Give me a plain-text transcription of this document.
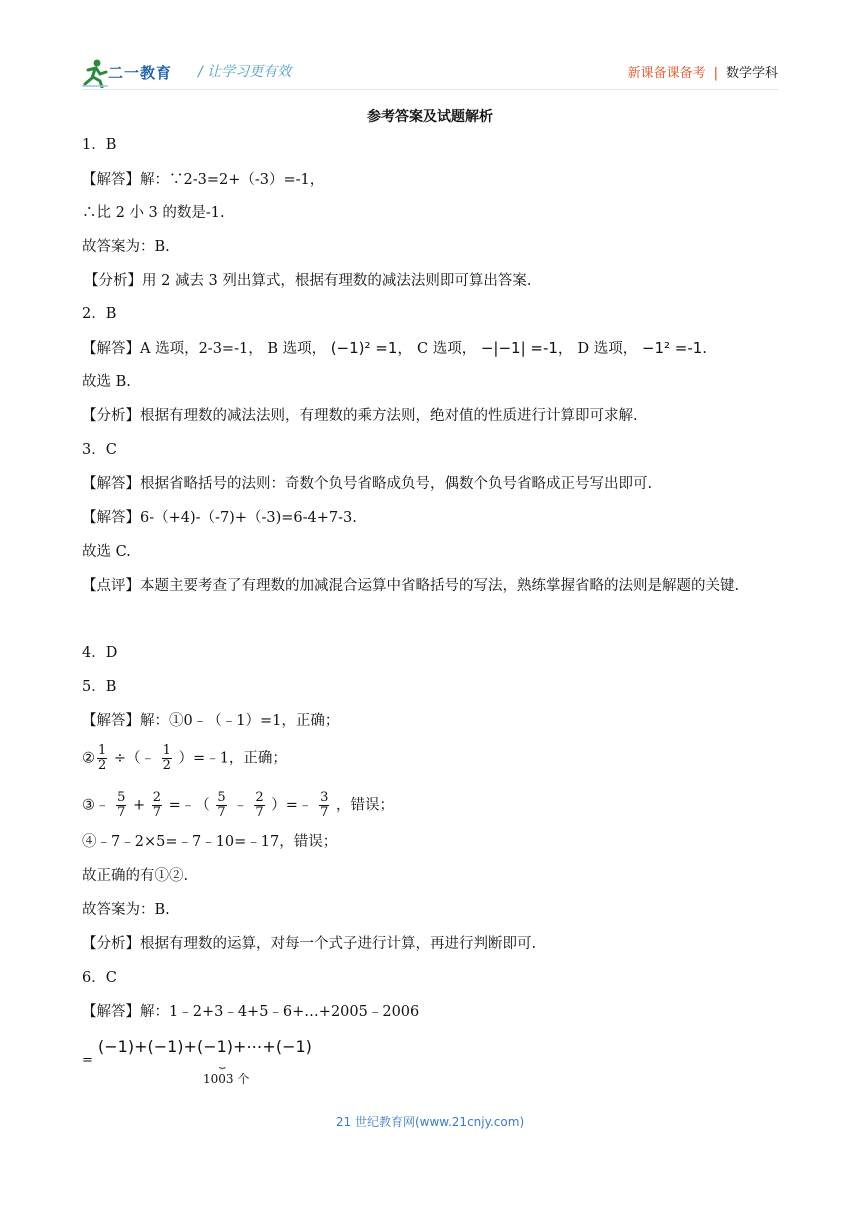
二一教育 / 让学习更有效	新课备课备考 | 数学学科
参考答案及试题解析
1．B
【解答】解：∵2-3=2+（-3）=-1，
∴比 2 小 3 的数是-1.
故答案为：B.
【分析】用 2 减去 3 列出算式，根据有理数的减法法则即可算出答案.
2．B
【解答】A 选项，2-3=-1， B 选项， (−1)² =1， C 选项， −|−1| =-1， D 选项， −1² =-1.
故选 B.
【分析】根据有理数的减法法则，有理数的乘方法则，绝对值的性质进行计算即可求解.
3．C
【解答】根据省略括号的法则：奇数个负号省略成负号，偶数个负号省略成正号写出即可.
【解答】6-（+4)-（-7)+（-3)=6-4+7-3.
故选 C.
【点评】本题主要考查了有理数的加减混合运算中省略括号的写法，熟练掌握省略的法则是解题的关键.
4．D
5．B
【解答】解：①0﹣（﹣1）=1，正确；
② $\frac{1}{2}$ ÷（﹣ $\frac{1}{2}$ ）=﹣1，正确；
③﹣ $\frac{5}{7} + \frac{2}{7}$ =﹣（ $\frac{5}{7}$ ﹣ $\frac{2}{7}$ ）=﹣ $\frac{3}{7}$ ，错误；
④﹣7﹣2×5=﹣7﹣10=﹣17，错误；
故正确的有①②.
故答案为：B.
【分析】根据有理数的运算，对每一个式子进行计算，再进行判断即可.
6．C
【解答】解：1﹣2+3﹣4+5﹣6+…+2005﹣2006
=
(−1)+(−1)+(−1)+⋯+(−1)
⏟
1003 个
21 世纪教育网(www.21cnjy.com)
